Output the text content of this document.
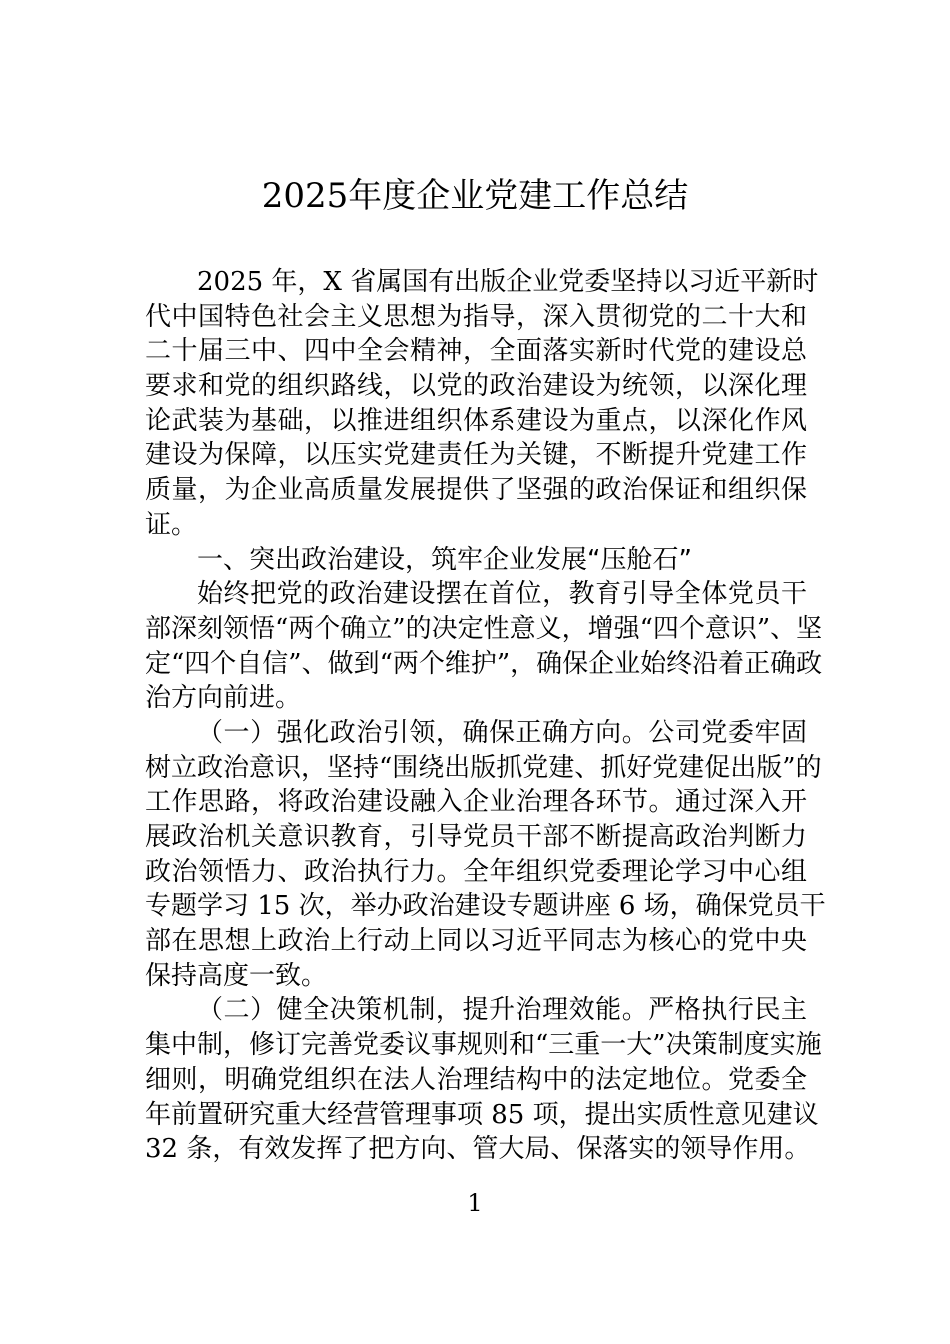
2025年度企业党建工作总结
2025 年，X 省属国有出版企业党委坚持以习近平新时
代中国特色社会主义思想为指导，深入贯彻党的二十大和
二十届三中、四中全会精神，全面落实新时代党的建设总
要求和党的组织路线，以党的政治建设为统领，以深化理
论武装为基础，以推进组织体系建设为重点，以深化作风
建设为保障，以压实党建责任为关键，不断提升党建工作
质量，为企业高质量发展提供了坚强的政治保证和组织保
证。
一、突出政治建设，筑牢企业发展“压舱石”
始终把党的政治建设摆在首位，教育引导全体党员干
部深刻领悟“两个确立”的决定性意义，增强“四个意识”、坚
定“四个自信”、做到“两个维护”，确保企业始终沿着正确政
治方向前进。
（一）强化政治引领，确保正确方向。公司党委牢固
树立政治意识，坚持“围绕出版抓党建、抓好党建促出版”的
工作思路，将政治建设融入企业治理各环节。通过深入开
展政治机关意识教育，引导党员干部不断提高政治判断力
政治领悟力、政治执行力。全年组织党委理论学习中心组
专题学习 15 次，举办政治建设专题讲座 6 场，确保党员干
部在思想上政治上行动上同以习近平同志为核心的党中央
保持高度一致。
（二）健全决策机制，提升治理效能。严格执行民主
集中制，修订完善党委议事规则和“三重一大”决策制度实施
细则，明确党组织在法人治理结构中的法定地位。党委全
年前置研究重大经营管理事项 85 项，提出实质性意见建议
32 条，有效发挥了把方向、管大局、保落实的领导作用。
1
